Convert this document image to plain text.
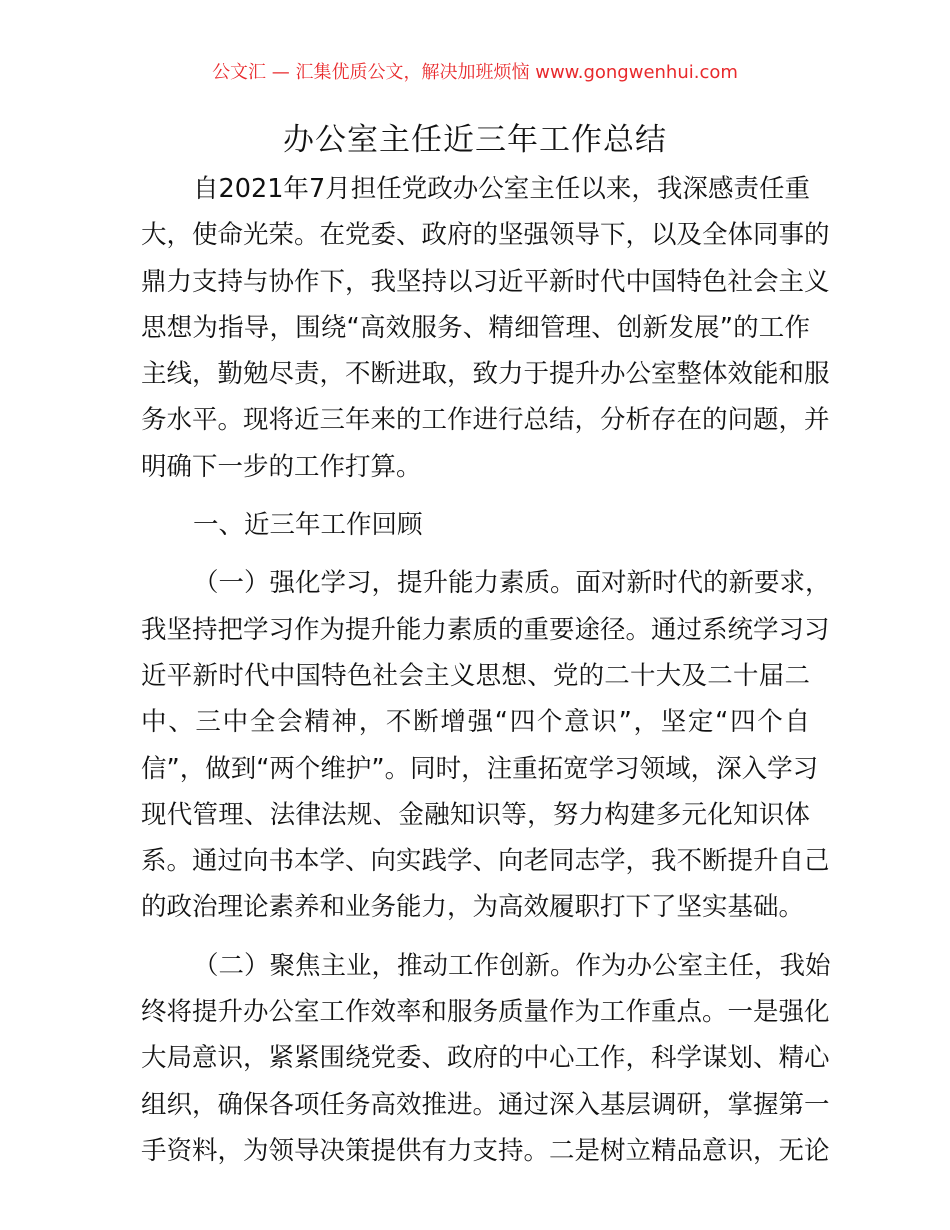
公文汇 — 汇集优质公文，解决加班烦恼 www.gongwenhui.com
办公室主任近三年工作总结
自2021年7月担任党政办公室主任以来，我深感责任重
大，使命光荣。在党委、政府的坚强领导下，以及全体同事的
鼎力支持与协作下，我坚持以习近平新时代中国特色社会主义
思想为指导，围绕“高效服务、精细管理、创新发展”的工作
主线，勤勉尽责，不断进取，致力于提升办公室整体效能和服
务水平。现将近三年来的工作进行总结，分析存在的问题，并
明确下一步的工作打算。
一、近三年工作回顾
（一）强化学习，提升能力素质。面对新时代的新要求，
我坚持把学习作为提升能力素质的重要途径。通过系统学习习
近平新时代中国特色社会主义思想、党的二十大及二十届二
中、三中全会精神，不断增强“四个意识”，坚定“四个自
信”，做到“两个维护”。同时，注重拓宽学习领域，深入学习
现代管理、法律法规、金融知识等，努力构建多元化知识体
系。通过向书本学、向实践学、向老同志学，我不断提升自己
的政治理论素养和业务能力，为高效履职打下了坚实基础。
（二）聚焦主业，推动工作创新。作为办公室主任，我始
终将提升办公室工作效率和服务质量作为工作重点。一是强化
大局意识，紧紧围绕党委、政府的中心工作，科学谋划、精心
组织，确保各项任务高效推进。通过深入基层调研，掌握第一
手资料，为领导决策提供有力支持。二是树立精品意识，无论
